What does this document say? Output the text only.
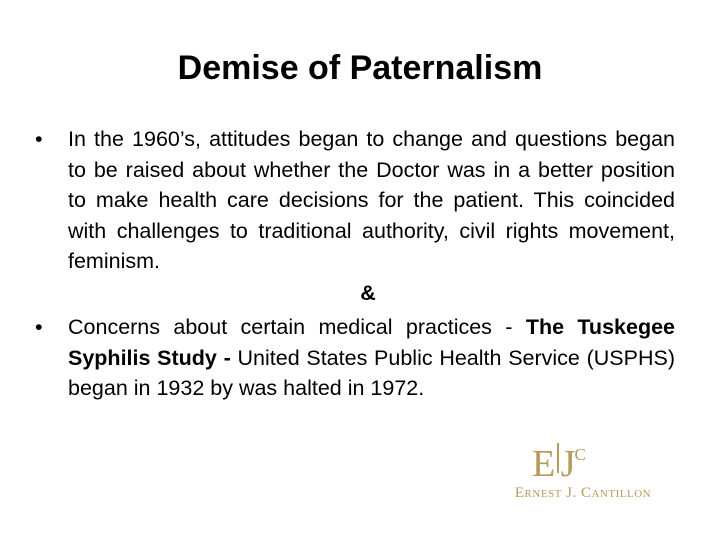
Demise of Paternalism
• In the 1960’s, attitudes began to change and questions began to be raised about whether the Doctor was in a better position to make health care decisions for the patient. This coincided with challenges to traditional authority, civil rights movement, feminism.
&
• Concerns about certain medical practices - The Tuskegee Syphilis Study - United States Public Health Service (USPHS) began in 1932 by was halted in 1972.
E JC
Ernest J. Cantillon
